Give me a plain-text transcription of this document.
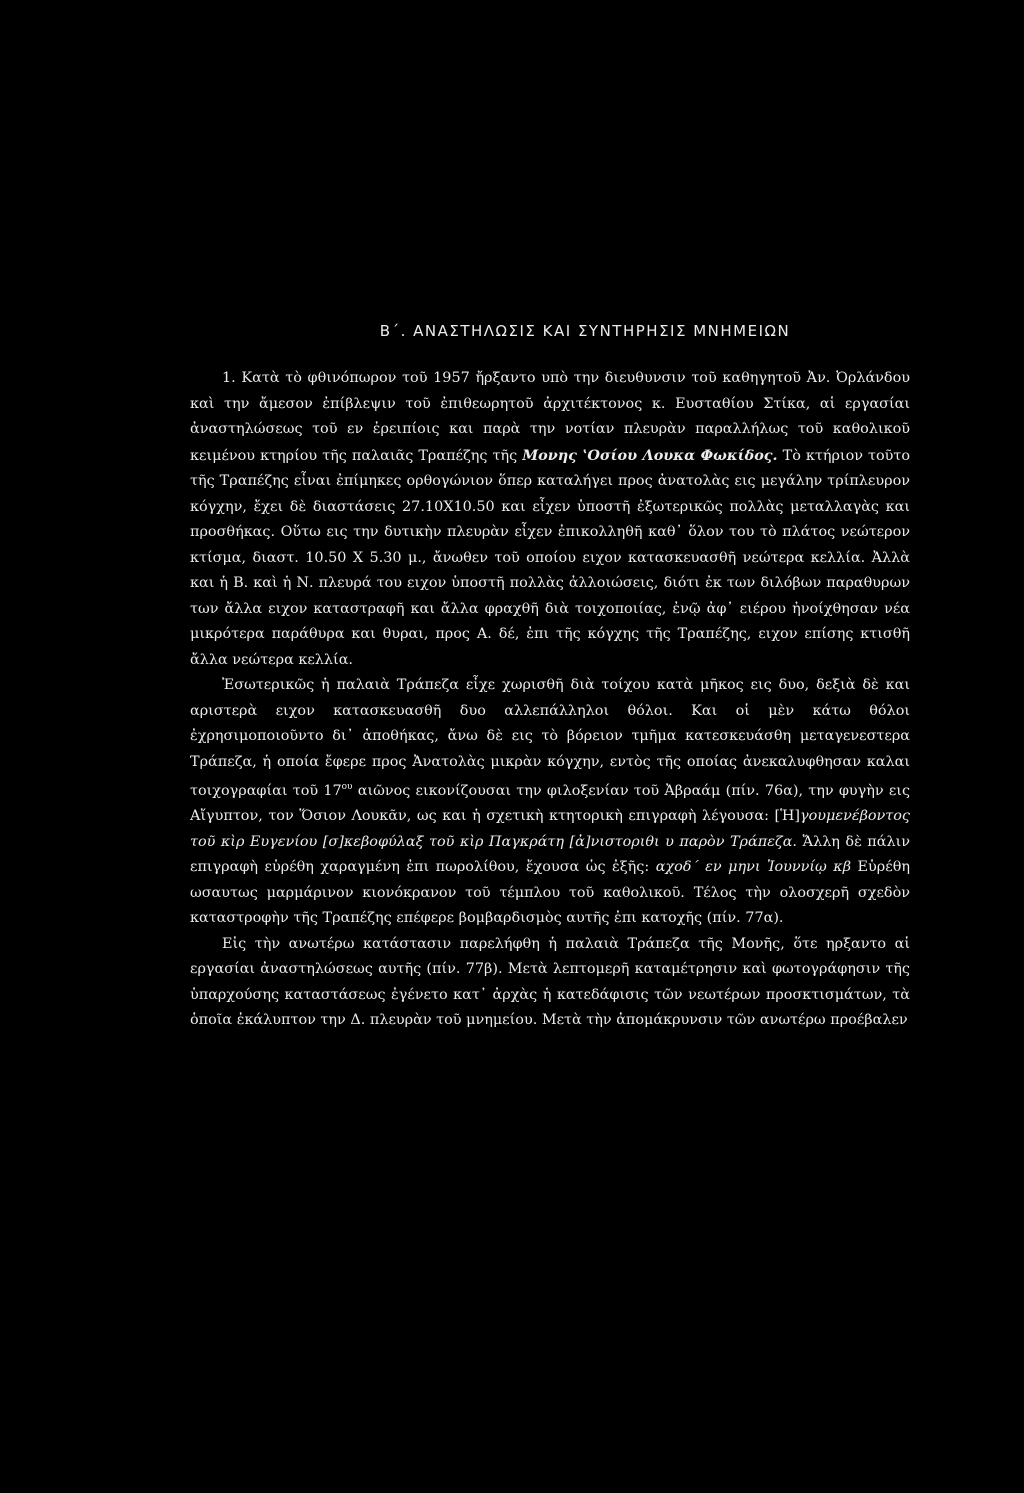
Β΄. ΑΝΑΣΤΗΛΩΣΙΣ ΚΑΙ ΣΥΝΤΗΡΗΣΙΣ ΜΝΗΜΕΙΩΝ

1. Κατὰ τὸ φθινόπωρον τοῦ 1957 ἤρξαντο υπὸ την διευθυνσιν τοῦ καθηγητοῦ Ἀν. Ὀρλάνδου καὶ την ἄμεσον ἐπίβλεψιν τοῦ ἐπιθεωρητοῦ ἀρχιτέκτονος κ. Ευσταθίου Στίκα, αἱ εργασίαι ἀναστηλώσεως τοῦ εν ἐρειπίοις και παρὰ την νοτίαν πλευρὰν παραλλήλως τοῦ καθολικοῦ κειμένου κτηρίου τῆς παλαιᾶς Τραπέζης τῆς Μονης ʽΟσίου Λουκα Φωκίδος. Τὸ κτήριον τοῦτο τῆς Τραπέζης εἶναι ἐπίμηκες ορθογώνιον ὅπερ καταλήγει προς ἀνατολὰς εις μεγάλην τρίπλευρον κόγχην, ἔχει δὲ διαστάσεις 27.10X10.50 και εἶχεν ὑποστῆ ἐξωτερικῶς πολλὰς μεταλλαγὰς και προσθήκας. Οὕτω εις την δυτικὴν πλευρὰν εἶχεν ἐπικολληθῆ καθ᾽ ὅλον του τὸ πλάτος νεώτερον κτίσμα, διαστ. 10.50 X 5.30 μ., ἄνωθεν τοῦ οποίου ειχον κατασκευασθῆ νεώτερα κελλία. Ἀλλὰ και ἡ Β. καὶ ἡ Ν. πλευρά του ειχον ὑποστῆ πολλὰς ἀλλοιώσεις, διότι ἐκ των διλόβων παραθυρων των ἄλλα ειχον καταστραφῆ και ἄλλα φραχθῆ διὰ τοιχοποιίας, ἐνῷ ἀφ᾽ ειέρου ἠνοίχθησαν νέα μικρότερα παράθυρα και θυραι, προς Α. δέ, ἐπι τῆς κόγχης τῆς Τραπέζης, ειχον επίσης κτισθῆ ἄλλα νεώτερα κελλία.

Ἐσωτερικῶς ἡ παλαιὰ Τράπεζα εἶχε χωρισθῆ διὰ τοίχου κατὰ μῆκος εις δυο, δεξιὰ δὲ και αριστερὰ ειχον κατασκευασθῆ δυο αλλεπάλληλοι θόλοι. Και οἱ μὲν κάτω θόλοι ἐχρησιμοποιοῦντο δι᾽ ἀποθήκας, ἄνω δὲ εις τὸ βόρειον τμῆμα κατεσκευάσθη μεταγενεστερα Τράπεζα, ἡ οποία ἔφερε προς Ἀνατολὰς μικρὰν κόγχην, εντὸς τῆς οποίας ἀνεκαλυφθησαν καλαι τοιχογραφίαι τοῦ $17^{o\upsilon}$ αιῶνος εικονίζουσαι την φιλοξενίαν τοῦ Ἀβραάμ (πίν. 76α), την φυγὴν εις Αἴγυπτον, τον Ὅσιον Λουκᾶν, ως και ἡ σχετικὴ κτητορικὴ επιγραφὴ λέγουσα: [Ἡ]γουμενέβοντος τοῦ κὶρ Ευγενίου [σ]κεβοφύλαξ τοῦ κὶρ Παγκράτη [ἀ]νιστοριθι υ παρὸν Τράπεζα. Ἄλλη δὲ πάλιν επιγραφὴ εὑρέθη χαραγμένη ἐπι πωρολίθου, ἔχουσα ὡς ἐξῆς: αχοδ´ εν μηνι Ἰουννίῳ κβ Εὑρέθη ωσαυτως μαρμάρινον κιονόκρανον τοῦ τέμπλου τοῦ καθολικοῦ. Τέλος τὴν ολοσχερῆ σχεδὸν καταστροφὴν τῆς Τραπέζης επέφερε βομβαρδισμὸς αυτῆς ἐπι κατοχῆς (πίν. 77α).

Εἰς τὴν ανωτέρω κατάστασιν παρελήφθη ἡ παλαιὰ Τράπεζα τῆς Μονῆς, ὅτε ηρξαντο αἱ εργασίαι ἀναστηλώσεως αυτῆς (πίν. 77β). Μετὰ λεπτομερῆ καταμέτρησιν καὶ φωτογράφησιν τῆς ὑπαρχούσης καταστάσεως ἐγένετο κατ᾽ ἀρχὰς ἡ κατεδάφισις τῶν νεωτέρων προσκτισμάτων, τὰ ὁποῖα ἐκάλυπτον την Δ. πλευρὰν τοῦ μνημείου. Μετὰ τὴν ἀπομάκρυνσιν τῶν ανωτέρω προέβαλεν
